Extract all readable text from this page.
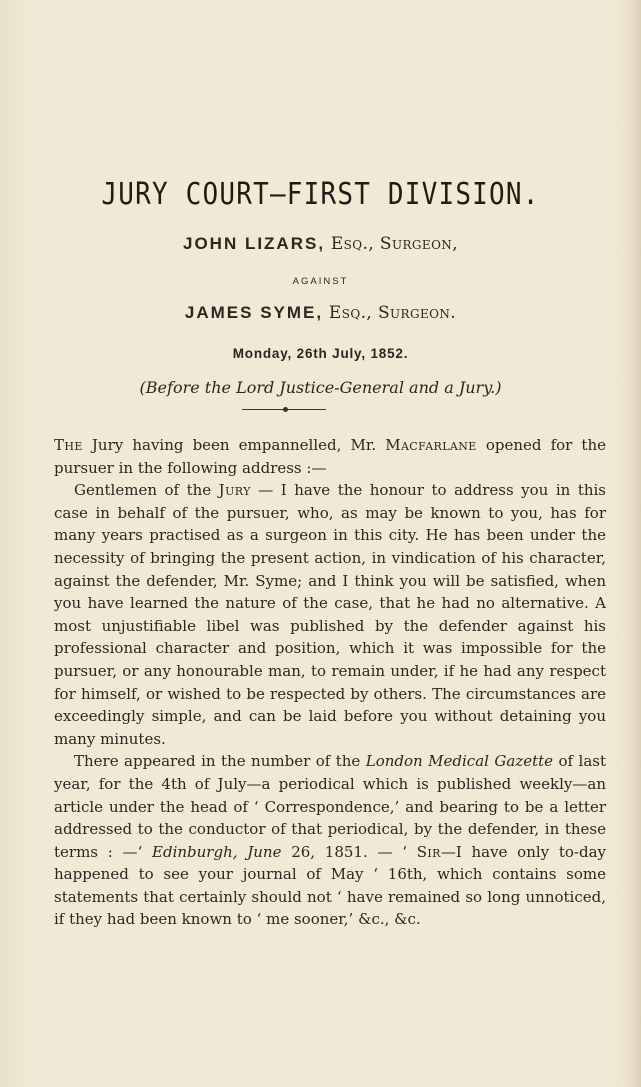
JURY COURT—FIRST DIVISION.
JOHN LIZARS, Esq., Surgeon,
AGAINST
JAMES SYME, Esq., Surgeon.
Monday, 26th July, 1852.
(Before the Lord Justice-General and a Jury.)

The Jury having been empannelled, Mr. Macfarlane opened for the pursuer in the following address :—

Gentlemen of the Jury — I have the honour to address you in this case in behalf of the pursuer, who, as may be known to you, has for many years practised as a surgeon in this city. He has been under the necessity of bringing the present action, in vindication of his character, against the defender, Mr. Syme; and I think you will be satisfied, when you have learned the nature of the case, that he had no alternative. A most unjustifiable libel was published by the defender against his professional character and position, which it was impossible for the pursuer, or any honourable man, to remain under, if he had any respect for himself, or wished to be respected by others. The circumstances are exceedingly simple, and can be laid before you without detaining you many minutes.

There appeared in the number of the London Medical Gazette of last year, for the 4th of July—a periodical which is published weekly—an article under the head of ‘ Correspondence,’ and bearing to be a letter addressed to the conductor of that periodical, by the defender, in these terms : —‘ Edinburgh, June 26, 1851. — ‘ Sir—I have only to-day happened to see your journal of May ‘ 16th, which contains some statements that certainly should not ‘ have remained so long unnoticed, if they had been known to ‘ me sooner,’ &c., &c.
